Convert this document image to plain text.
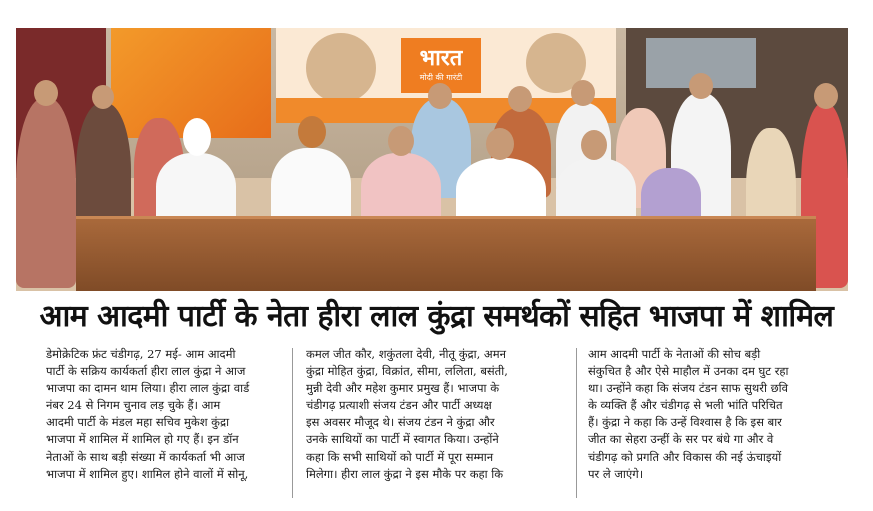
भारत
मोदी की गारंटी
आम आदमी पार्टी के नेता हीरा लाल कुंद्रा समर्थकों सहित भाजपा में शामिल

डेमोक्रेटिक फ्रंट चंडीगढ़, 27 मई- आम आदमी

पार्टी के सक्रिय कार्यकर्ता हीरा लाल कुंद्रा ने आज

भाजपा का दामन थाम लिया। हीरा लाल कुंद्रा वार्ड

नंबर 24 से निगम चुनाव लड़ चुके हैं। आम

आदमी पार्टी के मंडल महा सचिव मुकेश कुंद्रा

भाजपा में शामिल में शामिल हो गए हैं। इन डॉन

नेताओं के साथ बड़ी संख्या में कार्यकर्ता भी आज

भाजपा में शामिल हुए। शामिल होने वालों में सोनू,

कमल जीत कौर, शकुंतला देवी, नीतू कुंद्रा, अमन

कुंद्रा मोहित कुंद्रा, विक्रांत, सीमा, ललिता, बसंती,

मुन्नी देवी और महेश कुमार प्रमुख हैं। भाजपा के

चंडीगढ़ प्रत्याशी संजय टंडन और पार्टी अध्यक्ष

इस अवसर मौजूद थे। संजय टंडन ने कुंद्रा और

उनके साथियों का पार्टी में स्वागत किया। उन्होंने

कहा कि सभी साथियों को पार्टी में पूरा सम्मान

मिलेगा। हीरा लाल कुंद्रा ने इस मौके पर कहा कि

आम आदमी पार्टी के नेताओं की सोच बड़ी

संकुचित है और ऐसे माहौल में उनका दम घुट रहा

था। उन्होंने कहा कि संजय टंडन साफ सुथरी छवि

के व्यक्ति हैं और चंडीगढ़ से भली भांति परिचित

हैं। कुंद्रा ने कहा कि उन्हें विश्वास है कि इस बार

जीत का सेहरा उन्हीं के सर पर बंधे गा और वे

चंडीगढ़ को प्रगति और विकास की नई ऊंचाइयों

पर ले जाएंगे।
